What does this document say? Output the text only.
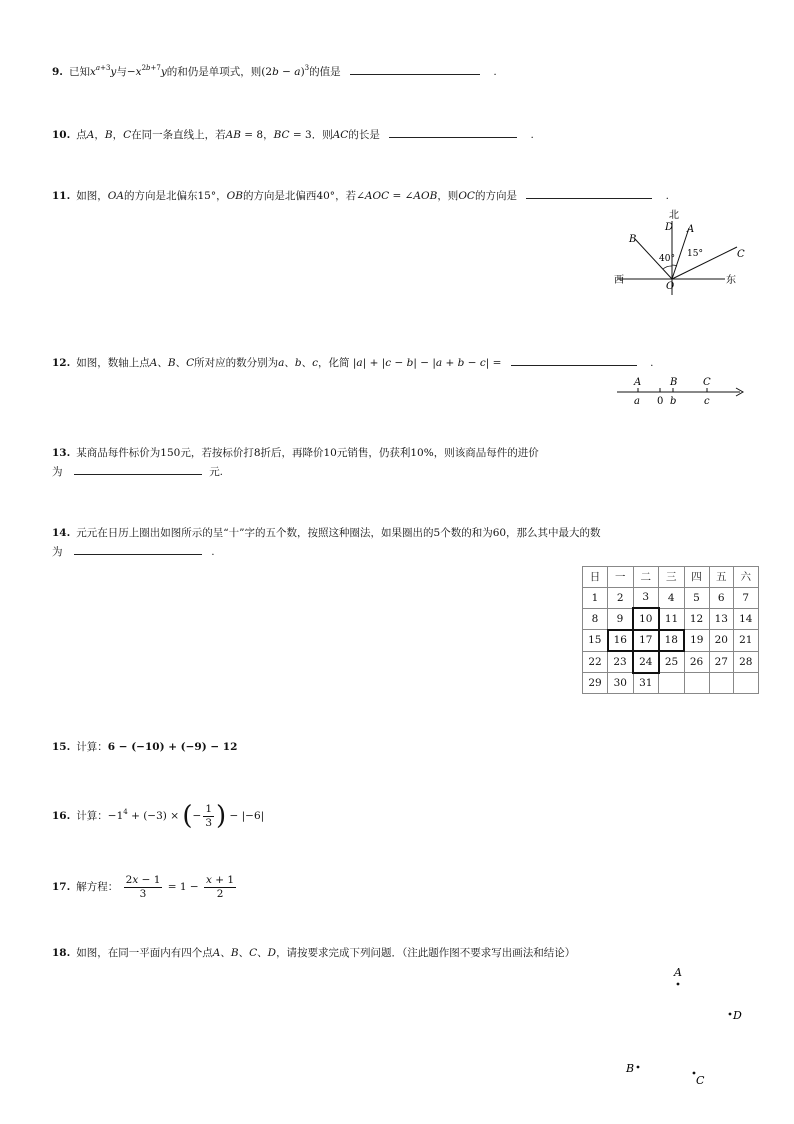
9. 已知$x^{a+3}y$与$-x^{2b+7}y$的和仍是单项式，则$(2b - a)^3$的值是	.
10. 点A，B，C在同一条直线上，若AB = 8，BC = 3．则AC的长是	.
11. 如图，OA的方向是北偏东15°，OB的方向是北偏西40°，若∠AOC = ∠AOB，则OC的方向是	.
北
D A
B
C
15°
40°
西	东
O
12. 如图，数轴上点A、B、C所对应的数分别为a、b、c，化简 |a| + |c − b| − |a + b − c| =	.
A	B	C
a 0 b	c
13. 某商品每件标价为150元，若按标价打8折后，再降价10元销售，仍获利10%，则该商品每件的进价
为	元.
14. 元元在日历上圈出如图所示的呈“十”字的五个数，按照这种圈法，如果圈出的5个数的和为60，那么其中最大的数
为	.
日	一	二	三	四	五	六
1	2	3	4	5	6	7
8	9	10	11	12	13	14
15	16	17	18	19	20	21
22	23	24	25	26	27	28
29	30	31				
15. 计算：6 − (−10) + (−9) − 12
16. 计算：$-1^4 + (-3)$ × (− $\frac{1}{3}$ ) − |−6|
17. 解方程： $\frac{2x - 1}{3} = 1 - \frac{x + 1}{2}$
18. 如图，在同一平面内有四个点A、B、C、D，请按要求完成下列问题．（注此题作图不要求写出画法和结论）
A
D
B
C
